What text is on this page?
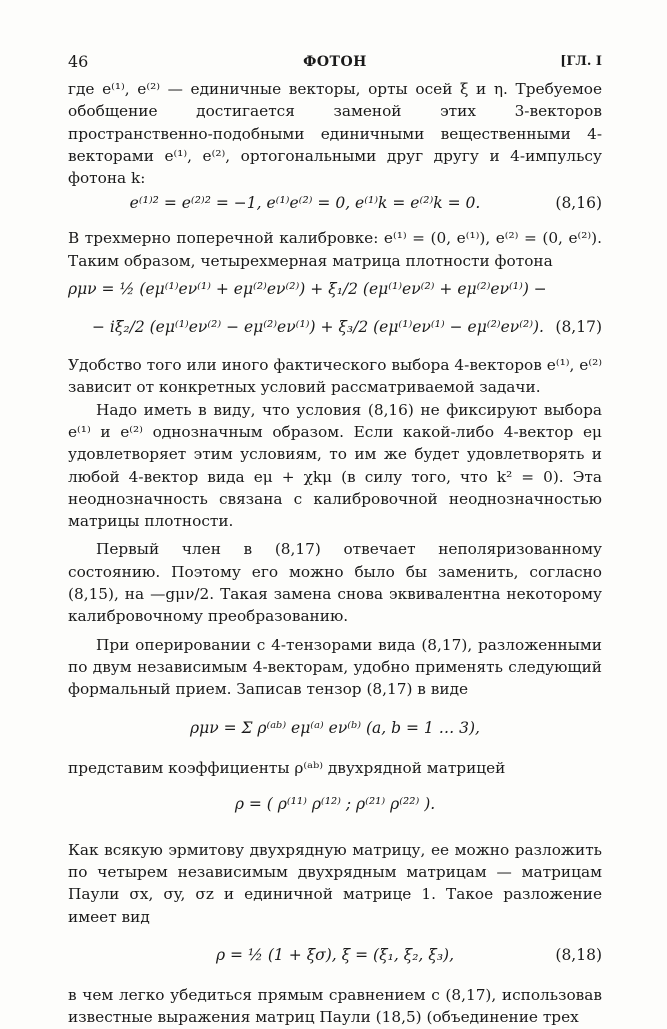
46	ФОТОН	[ГЛ. I

где e⁽¹⁾, e⁽²⁾ — единичные векторы, орты осей ξ и η. Требуемое обобщение достигается заменой этих 3-векторов пространственно-подобными единичными вещественными 4-векторами e⁽¹⁾, e⁽²⁾, ортогональными друг другу и 4-импульсу фотона k:

e⁽¹⁾² = e⁽²⁾² = −1, e⁽¹⁾e⁽²⁾ = 0, e⁽¹⁾k = e⁽²⁾k = 0.	(8,16)

В трехмерно поперечной калибровке: e⁽¹⁾ = (0, e⁽¹⁾), e⁽²⁾ = (0, e⁽²⁾). Таким образом, четырехмерная матрица плотности фотона

ρμν = ½ (eμ⁽¹⁾eν⁽¹⁾ + eμ⁽²⁾eν⁽²⁾) + ξ₁/2 (eμ⁽¹⁾eν⁽²⁾ + eμ⁽²⁾eν⁽¹⁾) −
− iξ₂/2 (eμ⁽¹⁾eν⁽²⁾ − eμ⁽²⁾eν⁽¹⁾) + ξ₃/2 (eμ⁽¹⁾eν⁽¹⁾ − eμ⁽²⁾eν⁽²⁾). (8,17)

Удобство того или иного фактического выбора 4-векторов e⁽¹⁾, e⁽²⁾ зависит от конкретных условий рассматриваемой задачи.

Надо иметь в виду, что условия (8,16) не фиксируют выбора e⁽¹⁾ и e⁽²⁾ однозначным образом. Если какой-либо 4-вектор eμ удовлетворяет этим условиям, то им же будет удовлетворять и любой 4-вектор вида eμ + χkμ (в силу того, что k² = 0). Эта неоднозначность связана с калибровочной неоднозначностью матрицы плотности.

Первый член в (8,17) отвечает неполяризованному состоянию. Поэтому его можно было бы заменить, согласно (8,15), на —gμν/2. Такая замена снова эквивалентна некоторому калибровочному преобразованию.

При оперировании с 4-тензорами вида (8,17), разложенными по двум независимым 4-векторам, удобно применять следующий формальный прием. Записав тензор (8,17) в виде

ρμν = Σ ρ⁽ᵃᵇ⁾ eμ⁽ᵃ⁾ eν⁽ᵇ⁾ (a, b = 1 … 3),

представим коэффициенты ρ⁽ᵃᵇ⁾ двухрядной матрицей

ρ = ( ρ⁽¹¹⁾ ρ⁽¹²⁾ ; ρ⁽²¹⁾ ρ⁽²²⁾ ).

Как всякую эрмитову двухрядную матрицу, ее можно разложить по четырем независимым двухрядным матрицам — матрицам Паули σx, σy, σz и единичной матрице 1. Такое разложение имеет вид

ρ = ½ (1 + ξσ), ξ = (ξ₁, ξ₂, ξ₃),	(8,18)

в чем легко убедиться прямым сравнением с (8,17), использовав известные выражения матриц Паули (18,5) (объединение трех
